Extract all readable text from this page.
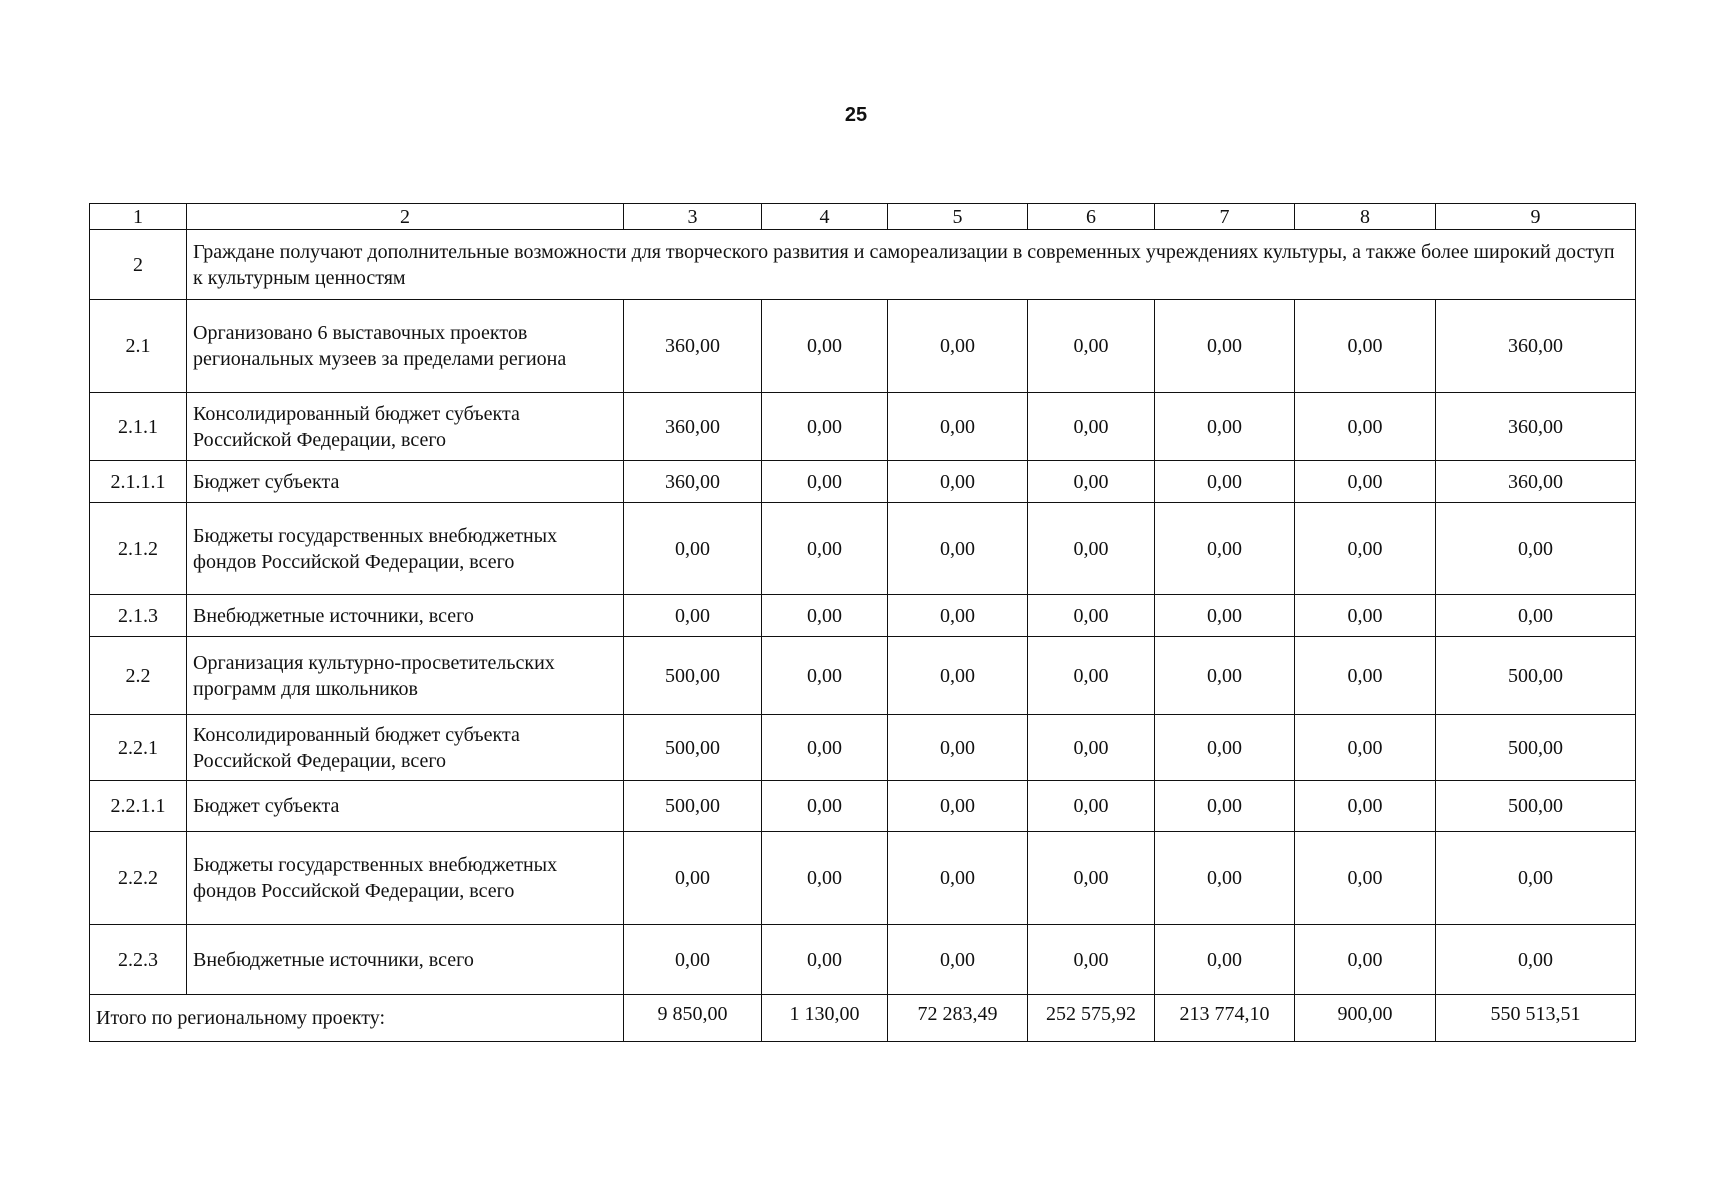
25
1	2	3	4	5	6	7	8	9
2	Граждане получают дополнительные возможности для творческого развития и самореализации в современных учреждениях культуры, а также более широкий доступ к культурным ценностям							
2.1	Организовано 6 выставочных проектов региональных музеев за пределами региона	360,00	0,00	0,00	0,00	0,00	0,00	360,00
2.1.1	Консолидированный бюджет субъекта Российской Федерации, всего	360,00	0,00	0,00	0,00	0,00	0,00	360,00
2.1.1.1	Бюджет субъекта	360,00	0,00	0,00	0,00	0,00	0,00	360,00
2.1.2	Бюджеты государственных внебюджетных фондов Российской Федерации, всего	0,00	0,00	0,00	0,00	0,00	0,00	0,00
2.1.3	Внебюджетные источники, всего	0,00	0,00	0,00	0,00	0,00	0,00	0,00
2.2	Организация культурно-просветительских программ для школьников	500,00	0,00	0,00	0,00	0,00	0,00	500,00
2.2.1	Консолидированный бюджет субъекта Российской Федерации, всего	500,00	0,00	0,00	0,00	0,00	0,00	500,00
2.2.1.1	Бюджет субъекта	500,00	0,00	0,00	0,00	0,00	0,00	500,00
2.2.2	Бюджеты государственных внебюджетных фондов Российской Федерации, всего	0,00	0,00	0,00	0,00	0,00	0,00	0,00
2.2.3	Внебюджетные источники, всего	0,00	0,00	0,00	0,00	0,00	0,00	0,00
Итого по региональному проекту:		9 850,00	1 130,00	72 283,49	252 575,92	213 774,10	900,00	550 513,51
